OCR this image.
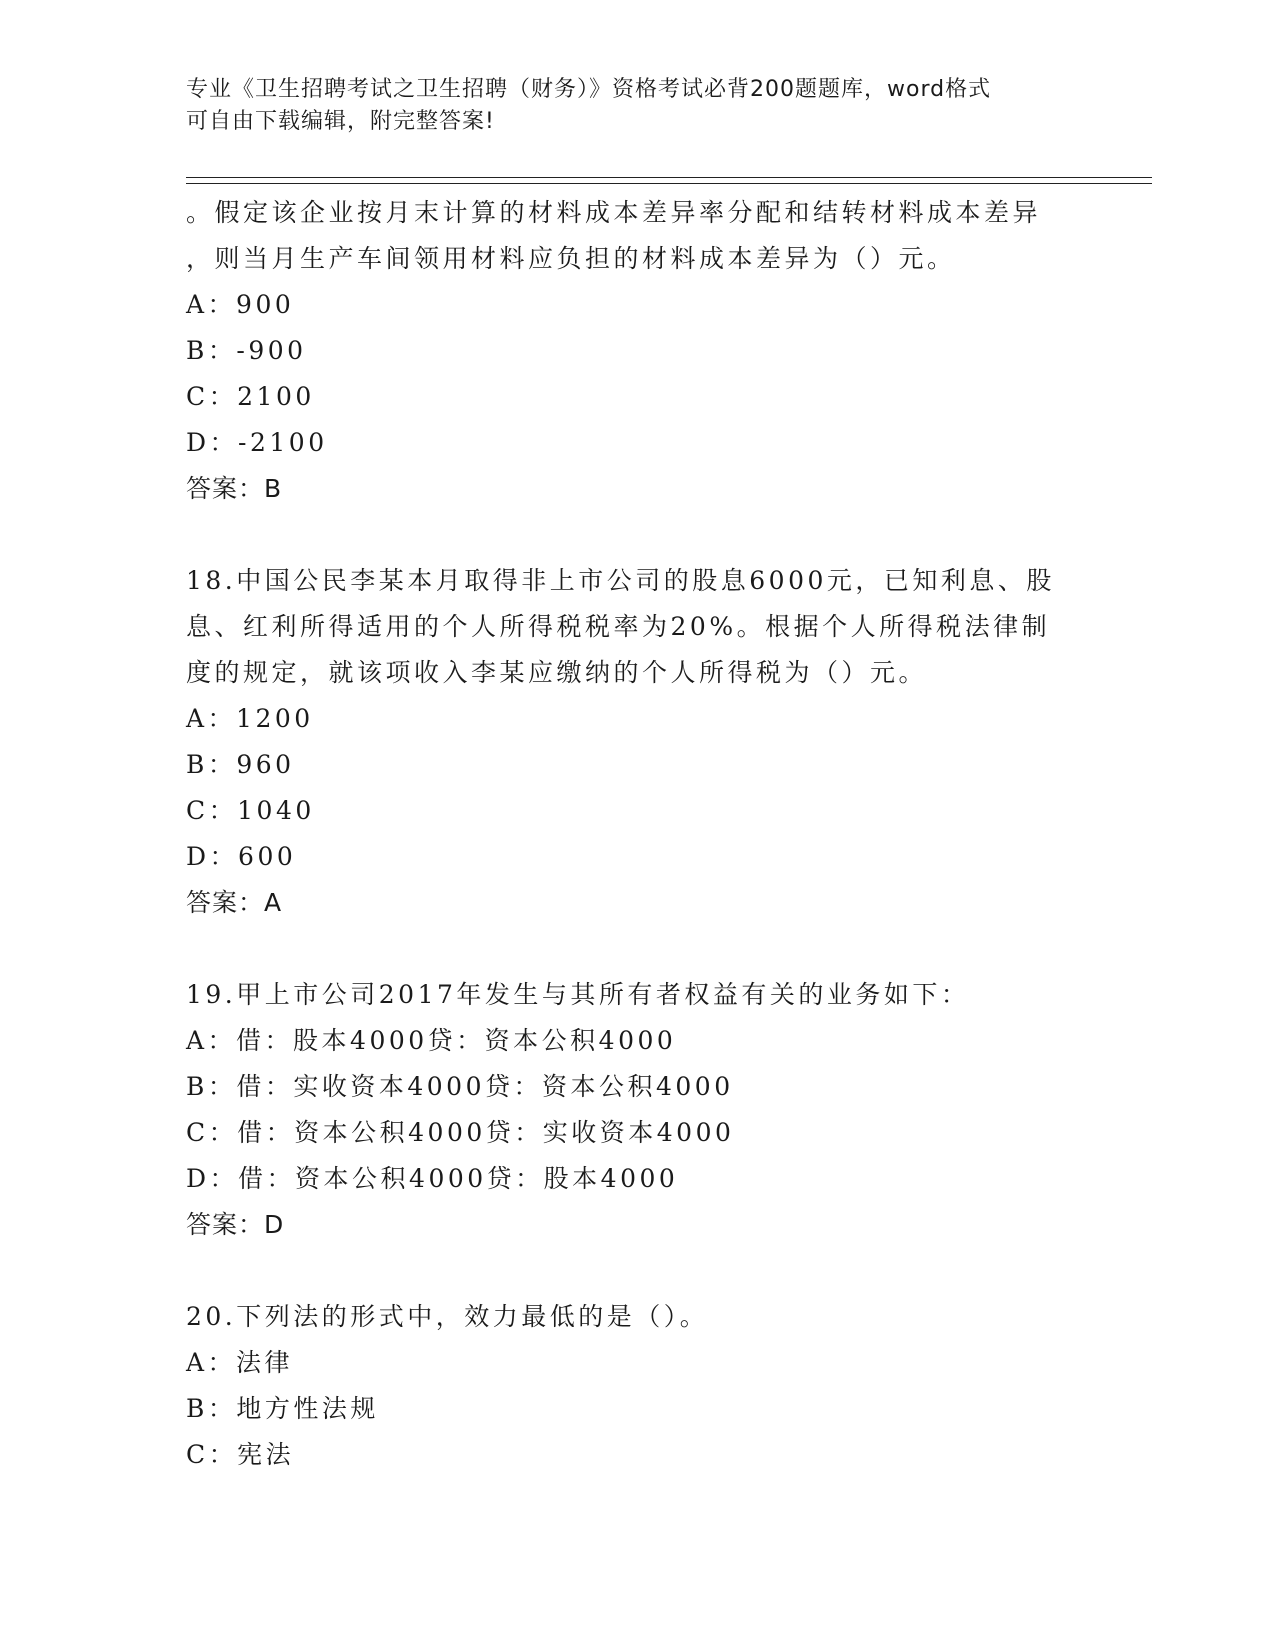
专业《卫生招聘考试之卫生招聘（财务）》资格考试必背200题题库，word格式
可自由下载编辑，附完整答案!
。假定该企业按月末计算的材料成本差异率分配和结转材料成本差异
，则当月生产车间领用材料应负担的材料成本差异为（）元。
A：900
B：-900
C：2100
D：-2100
答案：B
18.中国公民李某本月取得非上市公司的股息6000元，已知利息、股
息、红利所得适用的个人所得税税率为20%。根据个人所得税法律制
度的规定，就该项收入李某应缴纳的个人所得税为（）元。
A：1200
B：960
C：1040
D：600
答案：A
19.甲上市公司2017年发生与其所有者权益有关的业务如下：
A：借：股本4000贷：资本公积4000
B：借：实收资本4000贷：资本公积4000
C：借：资本公积4000贷：实收资本4000
D：借：资本公积4000贷：股本4000
答案：D
20.下列法的形式中，效力最低的是（）。
A：法律
B：地方性法规
C：宪法
